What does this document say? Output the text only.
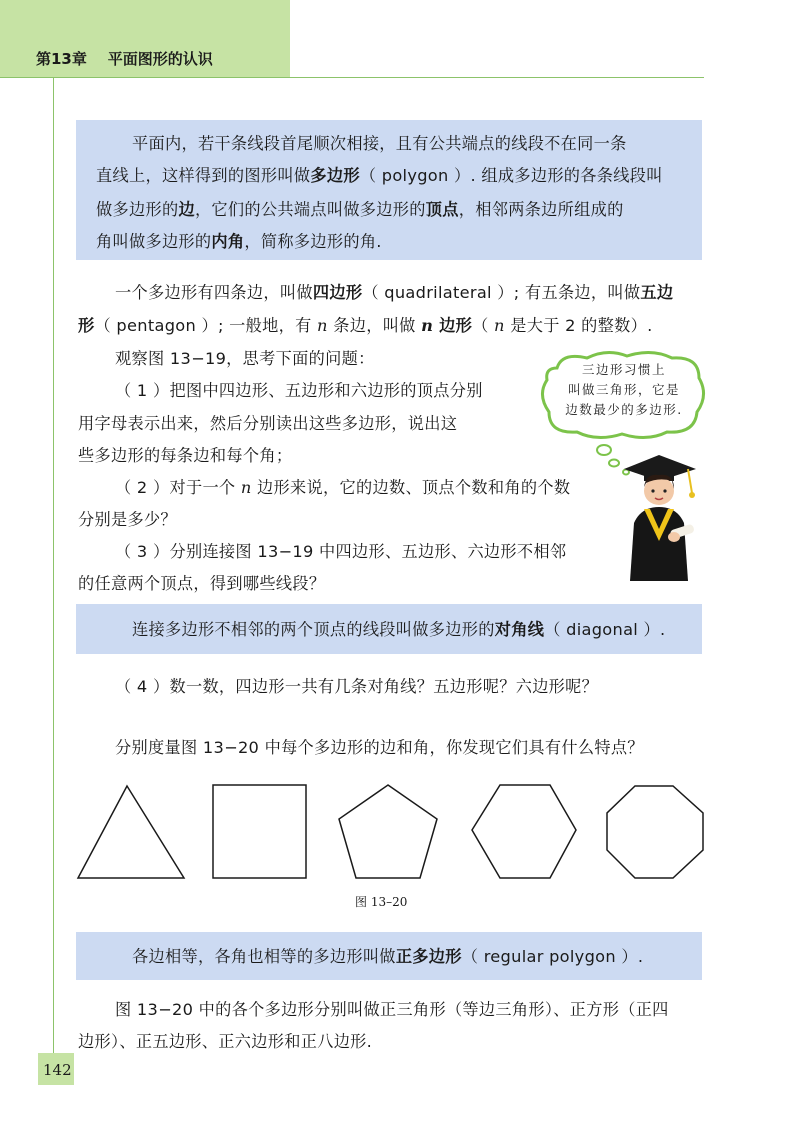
第13章 平面图形的认识
平面内，若干条线段首尾顺次相接，且有公共端点的线段不在同一条
直线上，这样得到的图形叫做多边形（ polygon ）. 组成多边形的各条线段叫
做多边形的边，它们的公共端点叫做多边形的顶点，相邻两条边所组成的
角叫做多边形的内角，简称多边形的角.
一个多边形有四条边，叫做四边形（ quadrilateral ）; 有五条边，叫做五边
形（ pentagon ）; 一般地，有 n 条边，叫做 n 边形（ n 是大于 2 的整数）.
观察图 13−19，思考下面的问题：
（ 1 ）把图中四边形、五边形和六边形的顶点分别
用字母表示出来，然后分别读出这些多边形，说出这
些多边形的每条边和每个角；
（ 2 ）对于一个 n 边形来说，它的边数、顶点个数和角的个数
分别是多少？
（ 3 ）分别连接图 13−19 中四边形、五边形、六边形不相邻
的任意两个顶点，得到哪些线段？
三边形习惯上
叫做三角形，它是
边数最少的多边形.
连接多边形不相邻的两个顶点的线段叫做多边形的对角线（ diagonal ）.
（ 4 ）数一数，四边形一共有几条对角线？五边形呢？六边形呢？
分别度量图 13−20 中每个多边形的边和角，你发现它们具有什么特点？
图 13–20
各边相等，各角也相等的多边形叫做正多边形（ regular polygon ）.
图 13−20 中的各个多边形分别叫做正三角形（等边三角形）、正方形（正四
边形）、正五边形、正六边形和正八边形.
142
